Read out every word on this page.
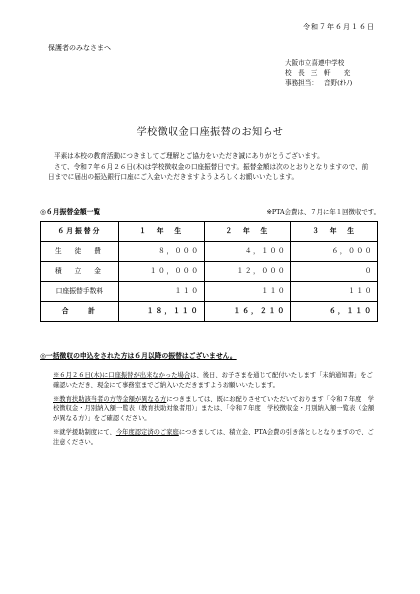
令和７年６月１６日
保護者のみなさまへ
大阪市立喜連中学校
校　長 三　軒　　充
事務担当： 音野(ｵﾄﾉ)
学校徴収金口座振替のお知らせ

平素は本校の教育活動につきましてご理解とご協力をいただき誠にありがとうございます。

さて、令和７年６月２６日(木)は学校徴収金の口座振替日です。振替金額は次のとおりとなりますので、前日までに届出の振込銀行口座にご入金いただきますようよろしくお願いいたします。

◎６月振替金額一覧	※PTA会費は、７月に年１回徴収です。
６月振替分	１　年　生	２　年　生	３　年　生
生　徒　費	８，０００	４，１００	６，０００
積　立　金	１０，０００	１２，０００	０
口座振替手数料	１１０	１１０	１１０
合　　計	１８，１１０	１６，２１０	６，１１０
◎一括徴収の申込をされた方は６月以降の振替はございません。
※６月２６日(木)に口座振替が出来なかった場合は、後日、お子さまを通じて配付いたします「未納通知書」をご確認いただき、現金にて事務室までご納入いただきますようお願いいたします。
※教育扶助該当者の方等金額が異なる方につきましては、既にお配りさせていただいております「令和７年度　学校徴収金・月別納入額一覧表（教育扶助対象者用）」または、「令和７年度　学校徴収金・月別納入額一覧表（金額が異なる方）」をご確認ください。
※就学援助制度にて、今年度認定済のご家庭につきましては、積立金、PTA会費の引き落としとなりますので、ご注意ください。
